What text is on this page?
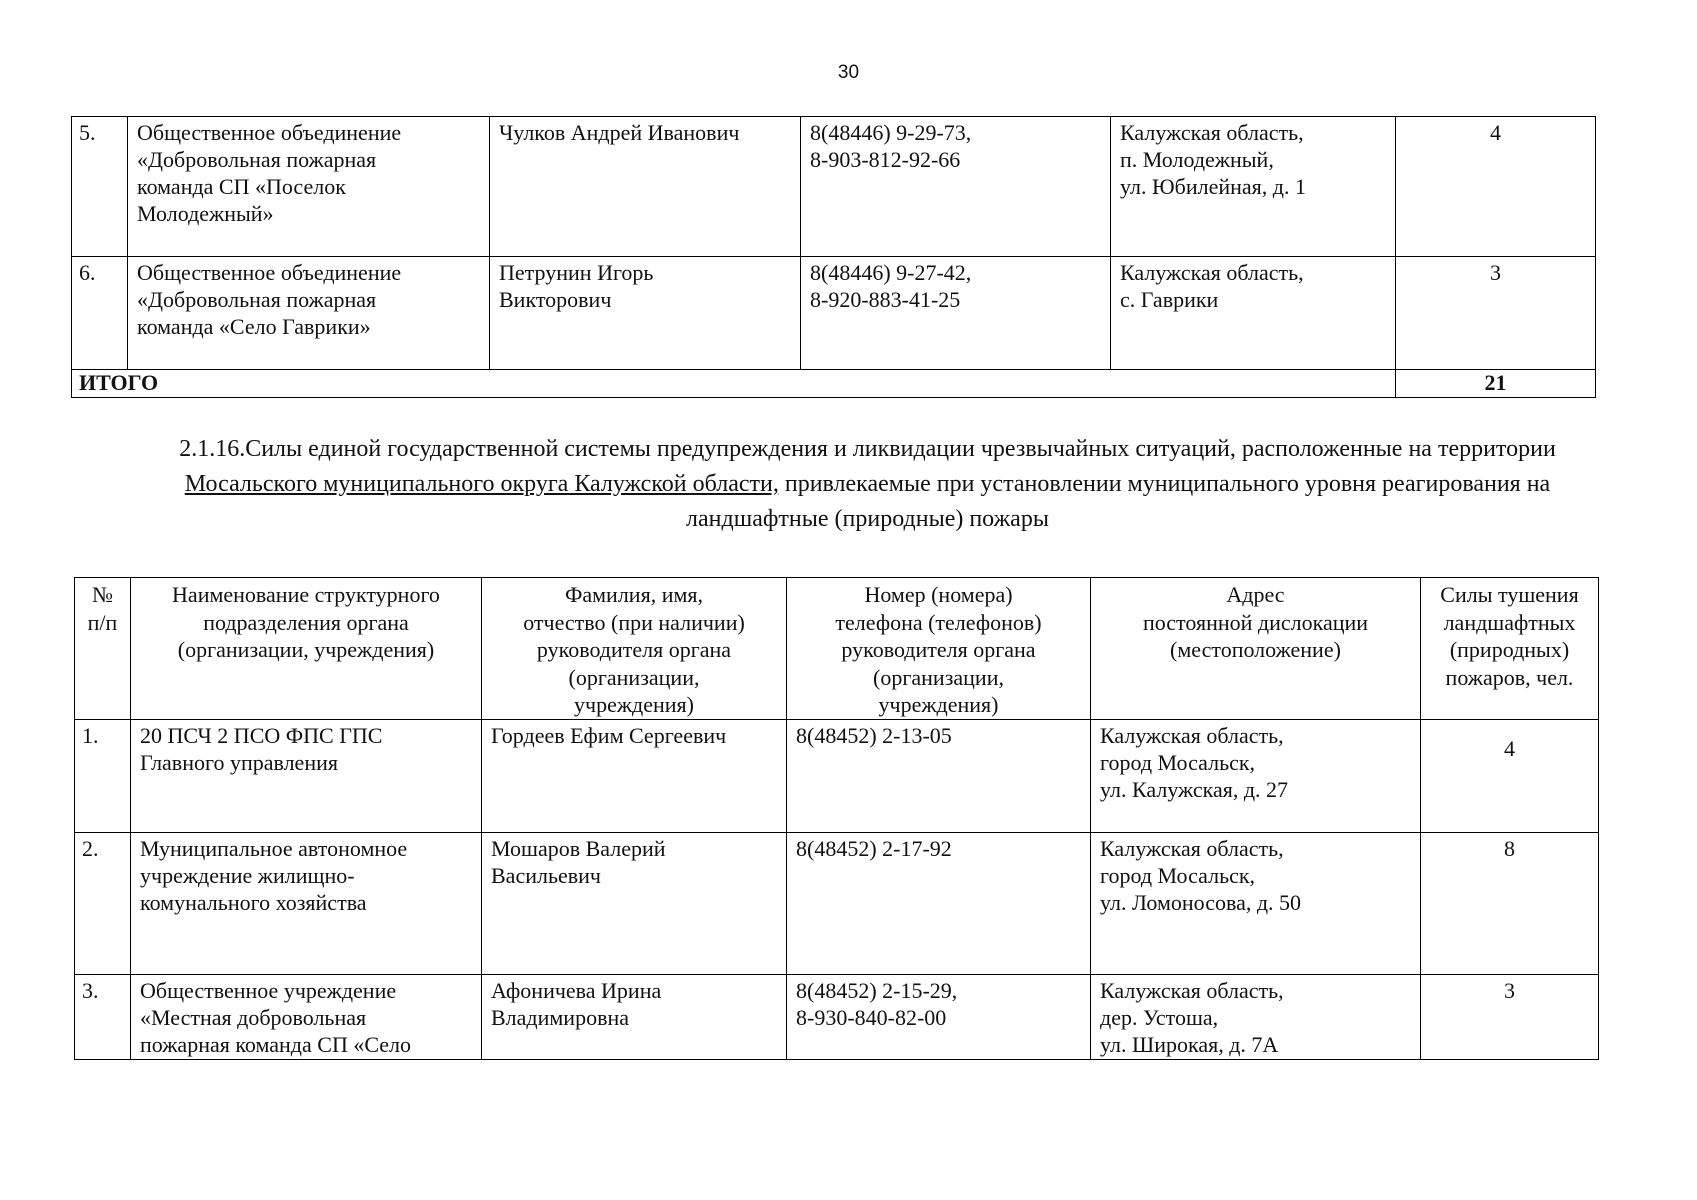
30
5.	Общественное объединение
«Добровольная пожарная
команда СП «Поселок
Молодежный»	Чулков Андрей Иванович	8(48446) 9-29-73,
8-903-812-92-66	Калужская область,
п. Молодежный,
ул. Юбилейная, д. 1	4
6.	Общественное объединение
«Добровольная пожарная
команда «Село Гаврики»	Петрунин Игорь
Викторович	8(48446) 9-27-42,
8-920-883-41-25	Калужская область,
с. Гаврики	3
ИТОГО					21
2.1.16.Силы единой государственной системы предупреждения и ликвидации чрезвычайных ситуаций, расположенные на территории Мосальского муниципального округа Калужской области, привлекаемые при установлении муниципального уровня реагирования на ландшафтные (природные) пожары
№
п/п	Наименование структурного
подразделения органа
(организации, учреждения)	Фамилия, имя,
отчество (при наличии)
руководителя органа
(организации,
учреждения)	Номер (номера)
телефона (телефонов)
руководителя органа
(организации,
учреждения)	Адрес
постоянной дислокации
(местоположение)	Силы тушения
ландшафтных
(природных)
пожаров, чел.
1.	20 ПСЧ 2 ПСО ФПС ГПС
Главного управления	Гордеев Ефим Сергеевич	8(48452) 2-13-05	Калужская область,
город Мосальск,
ул. Калужская, д. 27	4
2.	Муниципальное автономное
учреждение жилищно-
комунального хозяйства	Мошаров Валерий
Васильевич	8(48452) 2-17-92	Калужская область,
город Мосальск,
ул. Ломоносова, д. 50	8
3.	Общественное учреждение
«Местная добровольная
пожарная команда СП «Село	Афоничева Ирина
Владимировна	8(48452) 2-15-29,
8-930-840-82-00	Калужская область,
дер. Устоша,
ул. Широкая, д. 7А	3
